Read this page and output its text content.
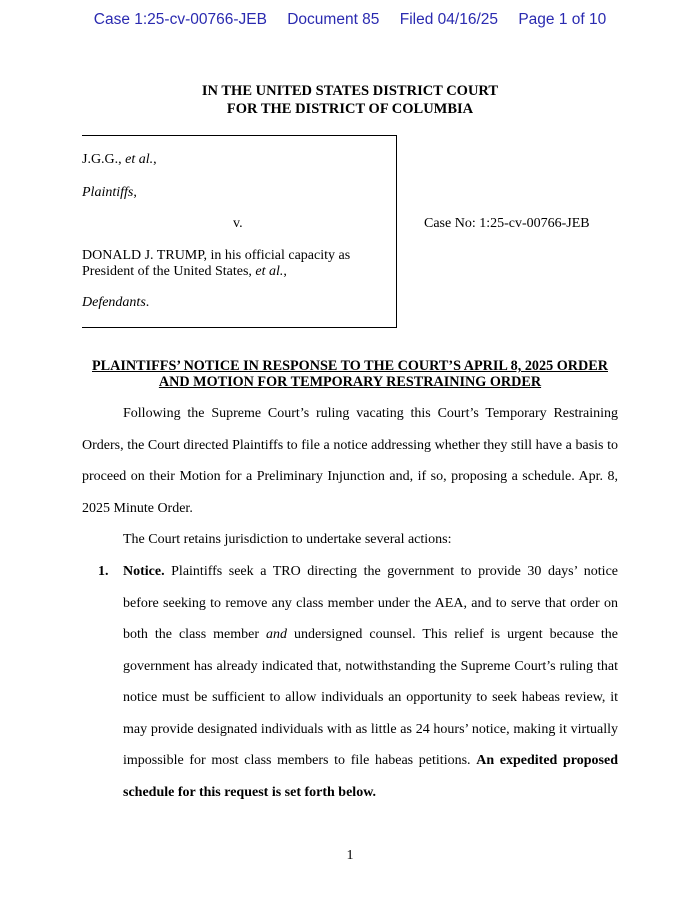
Case 1:25-cv-00766-JEB Document 85 Filed 04/16/25 Page 1 of 10
IN THE UNITED STATES DISTRICT COURT
FOR THE DISTRICT OF COLUMBIA
J.G.G., et al.,
Plaintiffs,
v.
DONALD J. TRUMP, in his official capacity as
President of the United States, et al.,
Defendants.
Case No: 1:25-cv-00766-JEB
PLAINTIFFS’ NOTICE IN RESPONSE TO THE COURT’S APRIL 8, 2025 ORDER
AND MOTION FOR TEMPORARY RESTRAINING ORDER
Following the Supreme Court’s ruling vacating this Court’s Temporary Restraining Orders, the Court directed Plaintiffs to file a notice addressing whether they still have a basis to proceed on their Motion for a Preliminary Injunction and, if so, proposing a schedule. Apr. 8, 2025 Minute Order.
The Court retains jurisdiction to undertake several actions:
1. Notice. Plaintiffs seek a TRO directing the government to provide 30 days’ notice before seeking to remove any class member under the AEA, and to serve that order on both the class member and undersigned counsel. This relief is urgent because the government has already indicated that, notwithstanding the Supreme Court’s ruling that notice must be sufficient to allow individuals an opportunity to seek habeas review, it may provide designated individuals with as little as 24 hours’ notice, making it virtually impossible for most class members to file habeas petitions. An expedited proposed schedule for this request is set forth below.
1
